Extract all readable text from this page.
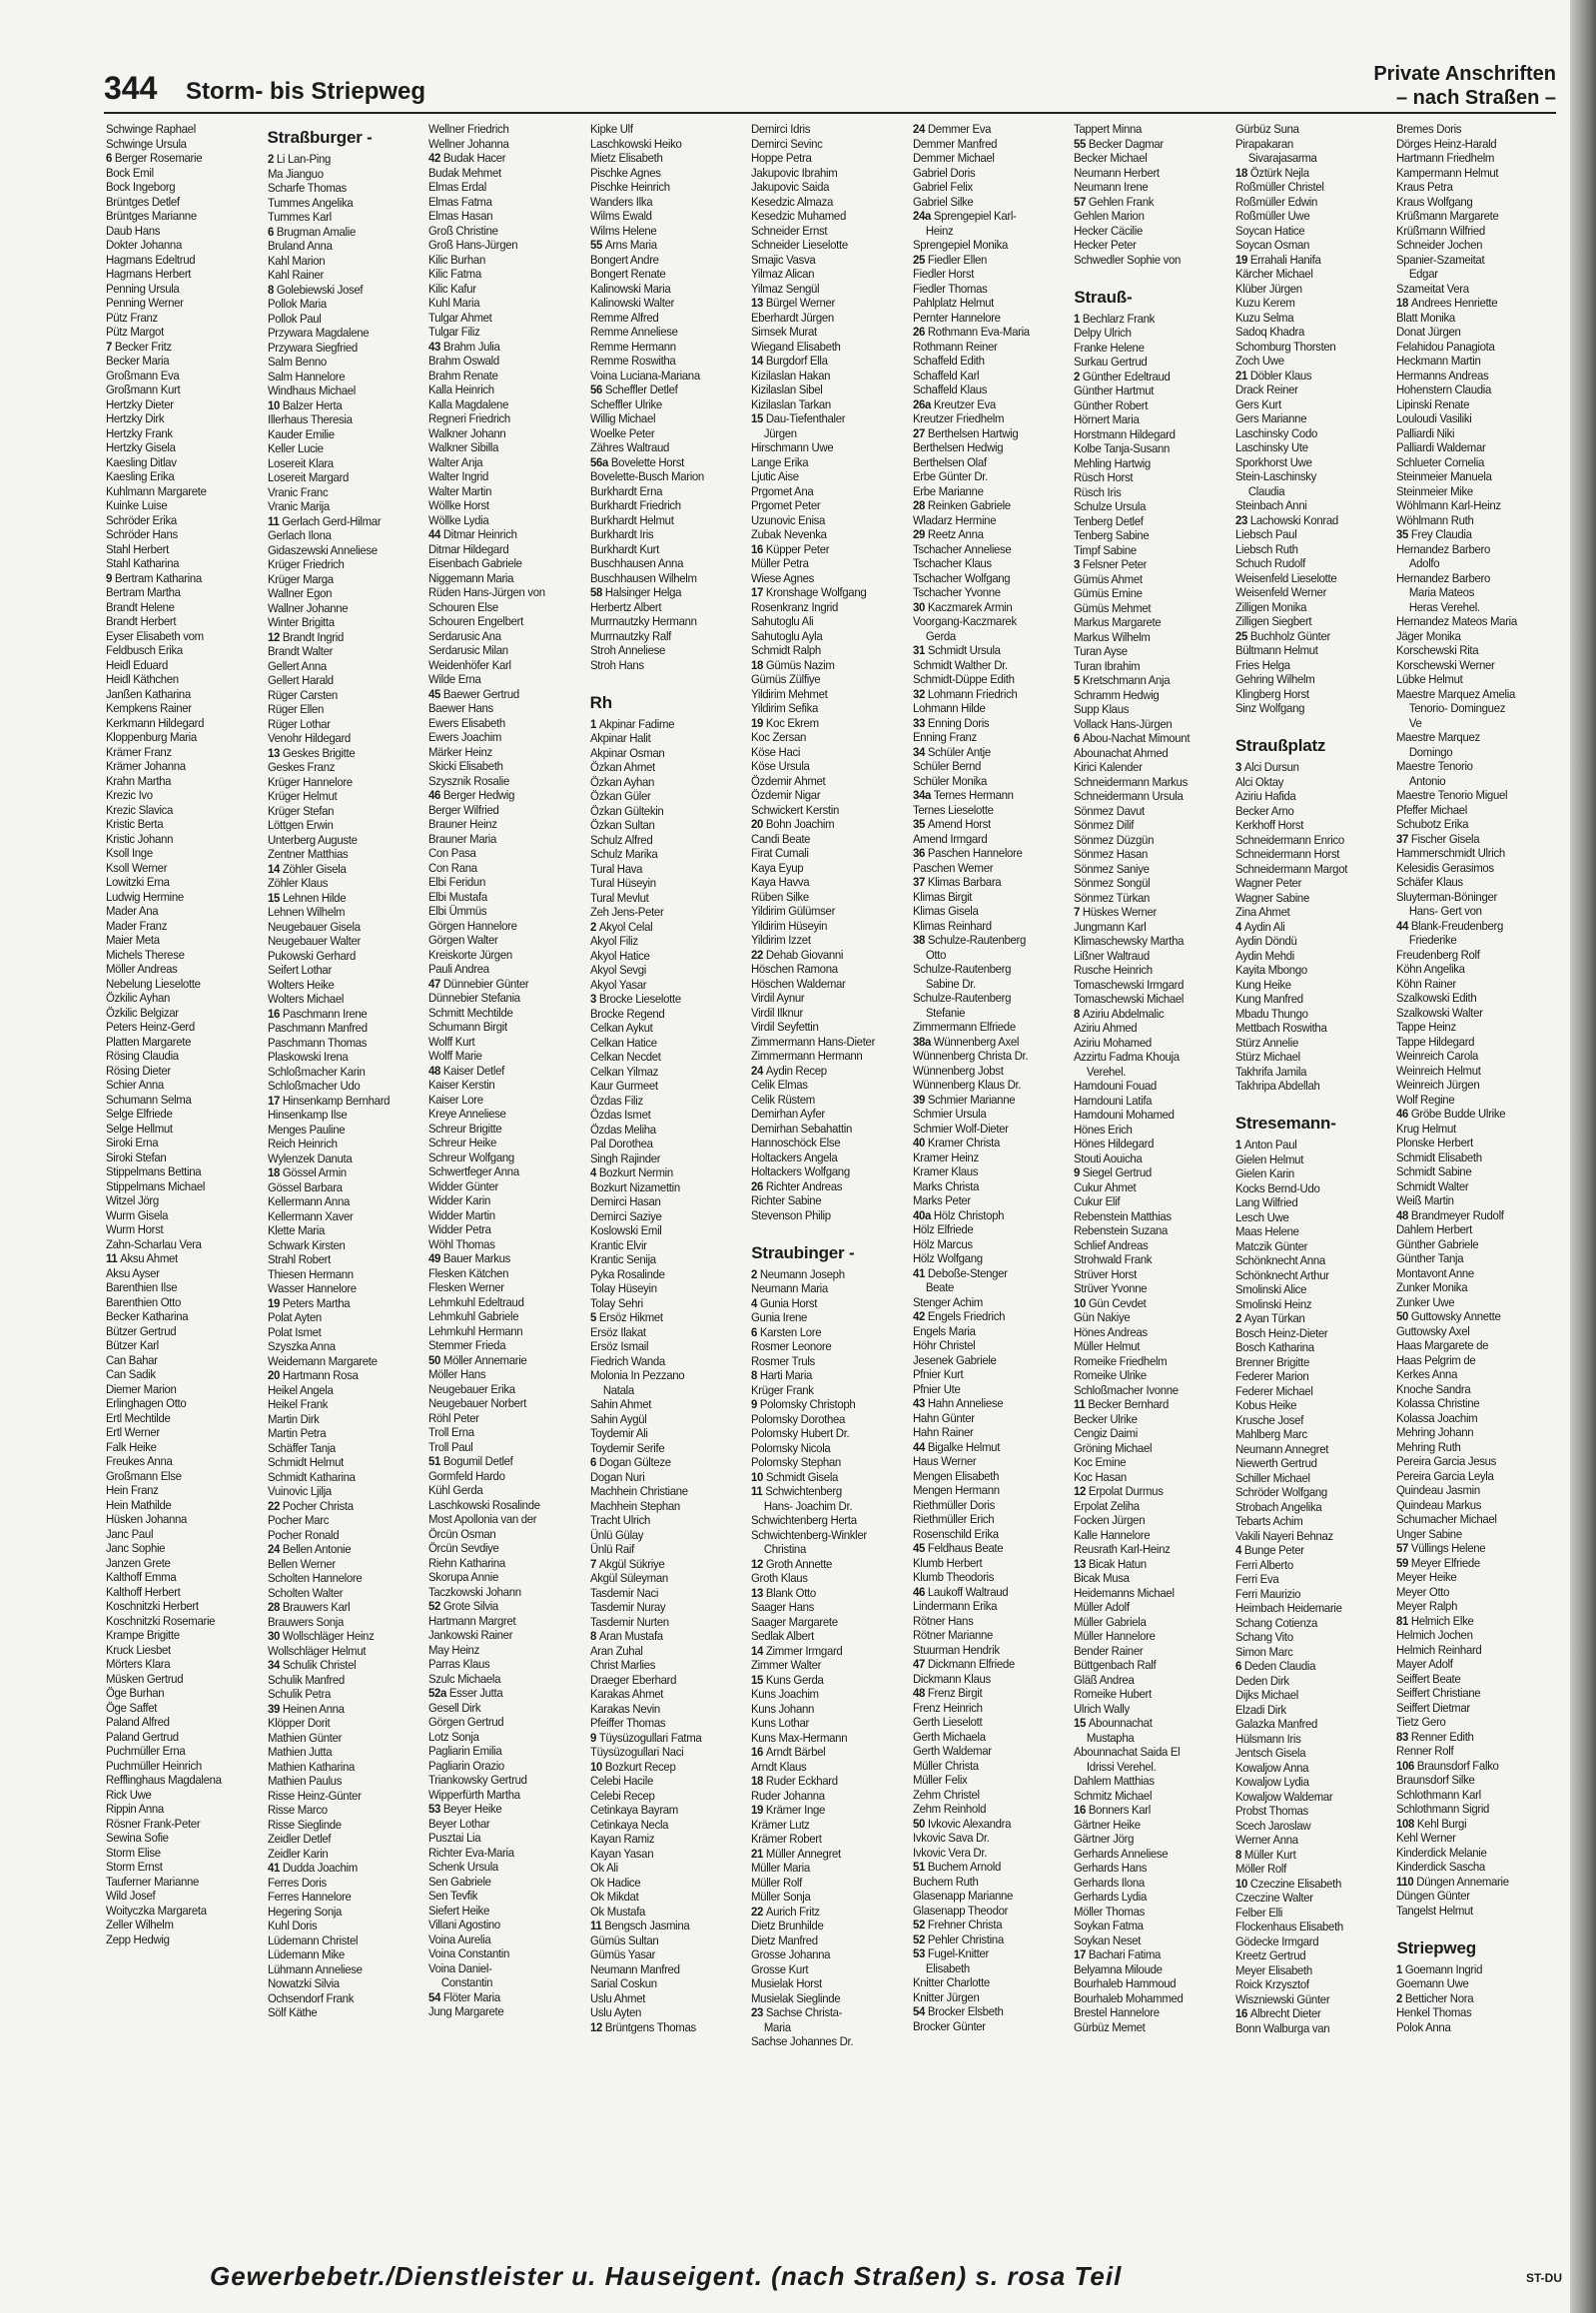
344 Storm- bis Striepweg
Private Anschriften
– nach Straßen –
Schwinge Raphael
Schwinge Ursula
6 Berger Rosemarie
Bock Emil
Bock Ingeborg
Brüntges Detlef
Brüntges Marianne
Daub Hans
Dokter Johanna
Hagmans Edeltrud
Hagmans Herbert
Penning Ursula
Penning Werner
Pütz Franz
Pütz Margot
7 Becker Fritz
Becker Maria
Großmann Eva
Großmann Kurt
Hertzky Dieter
Hertzky Dirk
Hertzky Frank
Hertzky Gisela
Kaesling Ditlav
Kaesling Erika
Kuhlmann Margarete
Kuinke Luise
Schröder Erika
Schröder Hans
Stahl Herbert
Stahl Katharina
9 Bertram Katharina
Bertram Martha
Brandt Helene
Brandt Herbert
Eyser Elisabeth vom
Feldbusch Erika
Heidl Eduard
Heidl Käthchen
Janßen Katharina
Kempkens Rainer
Kerkmann Hildegard
Kloppenburg Maria
Krämer Franz
Krämer Johanna
Krahn Martha
Krezic Ivo
Krezic Slavica
Kristic Berta
Kristic Johann
Ksoll Inge
Ksoll Werner
Lowitzki Erna
Ludwig Hermine
Mader Ana
Mader Franz
Maier Meta
Michels Therese
Möller Andreas
Nebelung Lieselotte
Özkilic Ayhan
Özkilic Belgizar
Peters Heinz-Gerd
Platten Margarete
Rösing Claudia
Rösing Dieter
Schier Anna
Schumann Selma
Selge Elfriede
Selge Hellmut
Siroki Erna
Siroki Stefan
Stippelmans Bettina
Stippelmans Michael
Witzel Jörg
Wurm Gisela
Wurm Horst
Zahn-Scharlau Vera
11 Aksu Ahmet
Aksu Ayser
Barenthien Ilse
Barenthien Otto
Becker Katharina
Bützer Gertrud
Bützer Karl
Can Bahar
Can Sadik
Diemer Marion
Erlinghagen Otto
Ertl Mechtilde
Ertl Werner
Falk Heike
Freukes Anna
Großmann Else
Hein Franz
Hein Mathilde
Hüsken Johanna
Janc Paul
Janc Sophie
Janzen Grete
Kalthoff Emma
Kalthoff Herbert
Koschnitzki Herbert
Koschnitzki Rosemarie
Krampe Brigitte
Kruck Liesbet
Mörters Klara
Müsken Gertrud
Öge Burhan
Öge Saffet
Paland Alfred
Paland Gertrud
Puchmüller Erna
Puchmüller Heinrich
Refflinghaus Magdalena
Rick Uwe
Rippin Anna
Rösner Frank-Peter
Sewina Sofie
Storm Elise
Storm Ernst
Tauferner Marianne
Wild Josef
Woityczka Margareta
Zeller Wilhelm
Zepp Hedwig
Straßburger -
2 Li Lan-Ping
Ma Jianguo
Scharfe Thomas
Tummes Angelika
Tummes Karl
6 Brugman Amalie
Bruland Anna
Kahl Marion
Kahl Rainer
8 Golebiewski Josef
Pollok Maria
Pollok Paul
Przywara Magdalene
Przywara Siegfried
Salm Benno
Salm Hannelore
Windhaus Michael
10 Balzer Herta
Illerhaus Theresia
Kauder Emilie
Keller Lucie
Losereit Klara
Losereit Margard
Vranic Franc
Vranic Marija
11 Gerlach Gerd-Hilmar
Gerlach Ilona
Gidaszewski Anneliese
Krüger Friedrich
Krüger Marga
Wallner Egon
Wallner Johanne
Winter Brigitta
12 Brandt Ingrid
Brandt Walter
Gellert Anna
Gellert Harald
Rüger Carsten
Rüger Ellen
Rüger Lothar
Venohr Hildegard
13 Geskes Brigitte
Geskes Franz
Krüger Hannelore
Krüger Helmut
Krüger Stefan
Löttgen Erwin
Unterberg Auguste
Zentner Matthias
14 Zöhler Gisela
Zöhler Klaus
15 Lehnen Hilde
Lehnen Wilhelm
Neugebauer Gisela
Neugebauer Walter
Pukowski Gerhard
Seifert Lothar
Wolters Heike
Wolters Michael
16 Paschmann Irene
Paschmann Manfred
Paschmann Thomas
Plaskowski Irena
Schloßmacher Karin
Schloßmacher Udo
17 Hinsenkamp Bernhard
Hinsenkamp Ilse
Menges Pauline
Reich Heinrich
Wylenzek Danuta
18 Gössel Armin
Gössel Barbara
Kellermann Anna
Kellermann Xaver
Klette Maria
Schwark Kirsten
Strahl Robert
Thiesen Hermann
Wasser Hannelore
19 Peters Martha
Polat Ayten
Polat Ismet
Szyszka Anna
Weidemann Margarete
20 Hartmann Rosa
Heikel Angela
Heikel Frank
Martin Dirk
Martin Petra
Schäffer Tanja
Schmidt Helmut
Schmidt Katharina
Vuinovic Ljilja
22 Pocher Christa
Pocher Marc
Pocher Ronald
24 Bellen Antonie
Bellen Werner
Scholten Hannelore
Scholten Walter
28 Brauwers Karl
Brauwers Sonja
30 Wollschläger Heinz
Wollschläger Helmut
34 Schulik Christel
Schulik Manfred
Schulik Petra
39 Heinen Anna
Klöpper Dorit
Mathien Günter
Mathien Jutta
Mathien Katharina
Mathien Paulus
Risse Heinz-Günter
Risse Marco
Risse Sieglinde
Zeidler Detlef
Zeidler Karin
41 Dudda Joachim
Ferres Doris
Ferres Hannelore
Hegering Sonja
Kuhl Doris
Lüdemann Christel
Lüdemann Mike
Lühmann Anneliese
Nowatzki Silvia
Ochsendorf Frank
Sölf Käthe
Wellner Friedrich
Wellner Johanna
42 Budak Hacer
Budak Mehmet
Elmas Erdal
Elmas Fatma
Elmas Hasan
Groß Christine
Groß Hans-Jürgen
Kilic Burhan
Kilic Fatma
Kilic Kafur
Kuhl Maria
Tulgar Ahmet
Tulgar Filiz
43 Brahm Julia
Brahm Oswald
Brahm Renate
Kalla Heinrich
Kalla Magdalene
Regneri Friedrich
Walkner Johann
Walkner Sibilla
Walter Anja
Walter Ingrid
Walter Martin
Wöllke Horst
Wöllke Lydia
44 Ditmar Heinrich
Ditmar Hildegard
Eisenbach Gabriele
Niggemann Maria
Rüden Hans-Jürgen von
Schouren Else
Schouren Engelbert
Serdarusic Ana
Serdarusic Milan
Weidenhöfer Karl
Wilde Erna
45 Baewer Gertrud
Baewer Hans
Ewers Elisabeth
Ewers Joachim
Märker Heinz
Skicki Elisabeth
Szysznik Rosalie
46 Berger Hedwig
Berger Wilfried
Brauner Heinz
Brauner Maria
Con Pasa
Con Rana
Elbi Feridun
Elbi Mustafa
Elbi Ümmüs
Görgen Hannelore
Görgen Walter
Kreiskorte Jürgen
Pauli Andrea
47 Dünnebier Günter
Dünnebier Stefania
Schmitt Mechtilde
Schumann Birgit
Wolff Kurt
Wolff Marie
48 Kaiser Detlef
Kaiser Kerstin
Kaiser Lore
Kreye Anneliese
Schreur Brigitte
Schreur Heike
Schreur Wolfgang
Schwertfeger Anna
Widder Günter
Widder Karin
Widder Martin
Widder Petra
Wöhl Thomas
49 Bauer Markus
Flesken Kätchen
Flesken Werner
Lehmkuhl Edeltraud
Lehmkuhl Gabriele
Lehmkuhl Hermann
Stemmer Frieda
50 Möller Annemarie
Möller Hans
Neugebauer Erika
Neugebauer Norbert
Röhl Peter
Troll Erna
Troll Paul
51 Bogumil Detlef
Gormfeld Hardo
Kühl Gerda
Laschkowski Rosalinde
Most Apollonia van der
Örcün Osman
Örcün Sevdiye
Riehn Katharina
Skorupa Annie
Taczkowski Johann
52 Grote Silvia
Hartmann Margret
Jankowski Rainer
May Heinz
Parras Klaus
Szulc Michaela
52a Esser Jutta
Gesell Dirk
Görgen Gertrud
Lotz Sonja
Pagliarin Emilia
Pagliarin Orazio
Triankowsky Gertrud
Wipperfürth Martha
53 Beyer Heike
Beyer Lothar
Pusztai Lia
Richter Eva-Maria
Schenk Ursula
Sen Gabriele
Sen Tevfik
Siefert Heike
Villani Agostino
Voina Aurelia
Voina Constantin
Voina Daniel-
Constantin
54 Flöter Maria
Jung Margarete
Kipke Ulf
Laschkowski Heiko
Mietz Elisabeth
Pischke Agnes
Pischke Heinrich
Wanders Ilka
Wilms Ewald
Wilms Helene
55 Arns Maria
Bongert Andre
Bongert Renate
Kalinowski Maria
Kalinowski Walter
Remme Alfred
Remme Anneliese
Remme Hermann
Remme Roswitha
Voina Luciana-Mariana
56 Scheffler Detlef
Scheffler Ulrike
Willig Michael
Woelke Peter
Zähres Waltraud
56a Bovelette Horst
Bovelette-Busch Marion
Burkhardt Erna
Burkhardt Friedrich
Burkhardt Helmut
Burkhardt Iris
Burkhardt Kurt
Buschhausen Anna
Buschhausen Wilhelm
58 Halsinger Helga
Herbertz Albert
Murrnautzky Hermann
Murrnautzky Ralf
Stroh Anneliese
Stroh Hans

Rh
1 Akpinar Fadime
Akpinar Halit
Akpinar Osman
Özkan Ahmet
Özkan Ayhan
Özkan Güler
Özkan Gültekin
Özkan Sultan
Schulz Alfred
Schulz Marika
Tural Hava
Tural Hüseyin
Tural Mevlut
Zeh Jens-Peter
2 Akyol Celal
Akyol Filiz
Akyol Hatice
Akyol Sevgi
Akyol Yasar
3 Brocke Lieselotte
Brocke Regend
Celkan Aykut
Celkan Hatice
Celkan Necdet
Celkan Yilmaz
Kaur Gurmeet
Özdas Filiz
Özdas Ismet
Özdas Meliha
Pal Dorothea
Singh Rajinder
4 Bozkurt Nermin
Bozkurt Nizamettin
Demirci Hasan
Demirci Saziye
Koslowski Emil
Krantic Elvir
Krantic Senija
Pyka Rosalinde
Tolay Hüseyin
Tolay Sehri
5 Ersöz Hikmet
Ersöz Ilakat
Ersöz Ismail
Fiedrich Wanda
Molonia In Pezzano
Natala
Sahin Ahmet
Sahin Aygül
Toydemir Ali
Toydemir Serife
6 Dogan Gülteze
Dogan Nuri
Machhein Christiane
Machhein Stephan
Tracht Ulrich
Ünlü Gülay
Ünlü Raif
7 Akgül Sükriye
Akgül Süleyman
Tasdemir Naci
Tasdemir Nuray
Tasdemir Nurten
8 Aran Mustafa
Aran Zuhal
Christ Marlies
Draeger Eberhard
Karakas Ahmet
Karakas Nevin
Pfeiffer Thomas
9 Tüysüzogullari Fatma
Tüysüzogullari Naci
10 Bozkurt Recep
Celebi Hacile
Celebi Recep
Cetinkaya Bayram
Cetinkaya Necla
Kayan Ramiz
Kayan Yasan
Ok Ali
Ok Hadice
Ok Mikdat
Ok Mustafa
11 Bengsch Jasmina
Gümüs Sultan
Gümüs Yasar
Neumann Manfred
Sarial Coskun
Uslu Ahmet
Uslu Ayten
12 Brüntgens Thomas
Demirci Idris
Demirci Sevinc
Hoppe Petra
Jakupovic Ibrahim
Jakupovic Saida
Kesedzic Almaza
Kesedzic Muhamed
Schneider Ernst
Schneider Lieselotte
Smajic Vasva
Yilmaz Alican
Yilmaz Sengül
13 Bürgel Werner
Eberhardt Jürgen
Simsek Murat
Wiegand Elisabeth
14 Burgdorf Ella
Kizilaslan Hakan
Kizilaslan Sibel
Kizilaslan Tarkan
15 Dau-Tiefenthaler
Jürgen
Hirschmann Uwe
Lange Erika
Ljutic Aise
Prgomet Ana
Prgomet Peter
Uzunovic Enisa
Zubak Nevenka
16 Küpper Peter
Müller Petra
Wiese Agnes
17 Kronshage Wolfgang
Rosenkranz Ingrid
Sahutoglu Ali
Sahutoglu Ayla
Schmidt Ralph
18 Gümüs Nazim
Gümüs Zülfiye
Yildirim Mehmet
Yildirim Sefika
19 Koc Ekrem
Koc Zersan
Köse Haci
Köse Ursula
Özdemir Ahmet
Özdemir Nigar
Schwickert Kerstin
20 Bohn Joachim
Candi Beate
Firat Cumali
Kaya Eyup
Kaya Havva
Rüben Silke
Yildirim Gülümser
Yildirim Hüseyin
Yildirim Izzet
22 Dehab Giovanni
Höschen Ramona
Höschen Waldemar
Virdil Aynur
Virdil Ilknur
Virdil Seyfettin
Zimmermann Hans-Dieter
Zimmermann Hermann
24 Aydin Recep
Celik Elmas
Celik Rüstem
Demirhan Ayfer
Demirhan Sebahattin
Hannoschöck Else
Holtackers Angela
Holtackers Wolfgang
26 Richter Andreas
Richter Sabine
Stevenson Philip

Straubinger -
2 Neumann Joseph
Neumann Maria
4 Gunia Horst
Gunia Irene
6 Karsten Lore
Rosmer Leonore
Rosmer Truls
8 Harti Maria
Krüger Frank
9 Polomsky Christoph
Polomsky Dorothea
Polomsky Hubert Dr.
Polomsky Nicola
Polomsky Stephan
10 Schmidt Gisela
11 Schwichtenberg
Hans- Joachim Dr.
Schwichtenberg Herta
Schwichtenberg-Winkler
Christina
12 Groth Annette
Groth Klaus
13 Blank Otto
Saager Hans
Saager Margarete
Sedlak Albert
14 Zimmer Irmgard
Zimmer Walter
15 Kuns Gerda
Kuns Joachim
Kuns Johann
Kuns Lothar
Kuns Max-Hermann
16 Arndt Bärbel
Arndt Klaus
18 Ruder Eckhard
Ruder Johanna
19 Krämer Inge
Krämer Lutz
Krämer Robert
21 Müller Annegret
Müller Maria
Müller Rolf
Müller Sonja
22 Aurich Fritz
Dietz Brunhilde
Dietz Manfred
Grosse Johanna
Grosse Kurt
Musielak Horst
Musielak Sieglinde
23 Sachse Christa-
Maria
Sachse Johannes Dr.
24 Demmer Eva
Demmer Manfred
Demmer Michael
Gabriel Doris
Gabriel Felix
Gabriel Silke
24a Sprengepiel Karl-
Heinz
Sprengepiel Monika
25 Fiedler Ellen
Fiedler Horst
Fiedler Thomas
Pahlplatz Helmut
Pernter Hannelore
26 Rothmann Eva-Maria
Rothmann Reiner
Schaffeld Edith
Schaffeld Karl
Schaffeld Klaus
26a Kreutzer Eva
Kreutzer Friedhelm
27 Berthelsen Hartwig
Berthelsen Hedwig
Berthelsen Olaf
Erbe Günter Dr.
Erbe Marianne
28 Reinken Gabriele
Wladarz Hermine
29 Reetz Anna
Tschacher Anneliese
Tschacher Klaus
Tschacher Wolfgang
Tschacher Yvonne
30 Kaczmarek Armin
Voorgang-Kaczmarek
Gerda
31 Schmidt Ursula
Schmidt Walther Dr.
Schmidt-Düppe Edith
32 Lohmann Friedrich
Lohmann Hilde
33 Enning Doris
Enning Franz
34 Schüler Antje
Schüler Bernd
Schüler Monika
34a Ternes Hermann
Ternes Lieselotte
35 Amend Horst
Amend Irmgard
36 Paschen Hannelore
Paschen Werner
37 Klimas Barbara
Klimas Birgit
Klimas Gisela
Klimas Reinhard
38 Schulze-Rautenberg
Otto
Schulze-Rautenberg
Sabine Dr.
Schulze-Rautenberg
Stefanie
Zimmermann Elfriede
38a Wünnenberg Axel
Wünnenberg Christa Dr.
Wünnenberg Jobst
Wünnenberg Klaus Dr.
39 Schmier Marianne
Schmier Ursula
Schmier Wolf-Dieter
40 Kramer Christa
Kramer Heinz
Kramer Klaus
Marks Christa
Marks Peter
40a Hölz Christoph
Hölz Elfriede
Hölz Marcus
Hölz Wolfgang
41 Deboße-Stenger
Beate
Stenger Achim
42 Engels Friedrich
Engels Maria
Höhr Christel
Jesenek Gabriele
Pfnier Kurt
Pfnier Ute
43 Hahn Anneliese
Hahn Günter
Hahn Rainer
44 Bigalke Helmut
Haus Werner
Mengen Elisabeth
Mengen Hermann
Riethmüller Doris
Riethmüller Erich
Rosenschild Erika
45 Feldhaus Beate
Klumb Herbert
Klumb Theodoris
46 Laukoff Waltraud
Lindermann Erika
Rötner Hans
Rötner Marianne
Stuurman Hendrik
47 Dickmann Elfriede
Dickmann Klaus
48 Frenz Birgit
Frenz Heinrich
Gerth Lieselott
Gerth Michaela
Gerth Waldemar
Müller Christa
Müller Felix
Zehm Christel
Zehm Reinhold
50 Ivkovic Alexandra
Ivkovic Sava Dr.
Ivkovic Vera Dr.
51 Buchem Arnold
Buchem Ruth
Glasenapp Marianne
Glasenapp Theodor
52 Frehner Christa
52 Pehler Christina
53 Fugel-Knitter
Elisabeth
Knitter Charlotte
Knitter Jürgen
54 Brocker Elsbeth
Brocker Günter
Tappert Minna
55 Becker Dagmar
Becker Michael
Neumann Herbert
Neumann Irene
57 Gehlen Frank
Gehlen Marion
Hecker Cäcilie
Hecker Peter
Schwedler Sophie von

Strauß-
1 Bechlarz Frank
Delpy Ulrich
Franke Helene
Surkau Gertrud
2 Günther Edeltraud
Günther Hartmut
Günther Robert
Hörnert Maria
Horstmann Hildegard
Kolbe Tanja-Susann
Mehling Hartwig
Rüsch Horst
Rüsch Iris
Schulze Ursula
Tenberg Detlef
Tenberg Sabine
Timpf Sabine
3 Felsner Peter
Gümüs Ahmet
Gümüs Emine
Gümüs Mehmet
Markus Margarete
Markus Wilhelm
Turan Ayse
Turan Ibrahim
5 Kretschmann Anja
Schramm Hedwig
Supp Klaus
Vollack Hans-Jürgen
6 Abou-Nachat Mimount
Abounachat Ahmed
Kirici Kalender
Schneidermann Markus
Schneidermann Ursula
Sönmez Davut
Sönmez Dilif
Sönmez Düzgün
Sönmez Hasan
Sönmez Saniye
Sönmez Songül
Sönmez Türkan
7 Hüskes Werner
Jungmann Karl
Klimaschewsky Martha
Lißner Waltraud
Rusche Heinrich
Tomaschewski Irmgard
Tomaschewski Michael
8 Aziriu Abdelmalic
Aziriu Ahmed
Aziriu Mohamed
Azzirtu Fadma Khouja
Verehel.
Hamdouni Fouad
Hamdouni Latifa
Hamdouni Mohamed
Hönes Erich
Hönes Hildegard
Stouti Aouicha
9 Siegel Gertrud
Cukur Ahmet
Cukur Elif
Rebenstein Matthias
Rebenstein Suzana
Schlief Andreas
Strohwald Frank
Strüver Horst
Strüver Yvonne
10 Gün Cevdet
Gün Nakiye
Hönes Andreas
Müller Helmut
Romeike Friedhelm
Romeike Ulrike
Schloßmacher Ivonne
11 Becker Bernhard
Becker Ulrike
Cengiz Daimi
Gröning Michael
Koc Emine
Koc Hasan
12 Erpolat Durmus
Erpolat Zeliha
Focken Jürgen
Kalle Hannelore
Reusrath Karl-Heinz
13 Bicak Hatun
Bicak Musa
Heidemanns Michael
Müller Adolf
Müller Gabriela
Müller Hannelore
Bender Rainer
Büttgenbach Ralf
Gläß Andrea
Romeike Hubert
Ulrich Wally
15 Abounnachat
Mustapha
Abounnachat Saida El
Idrissi Verehel.
Dahlem Matthias
Schmitz Michael
16 Bonners Karl
Gärtner Heike
Gärtner Jörg
Gerhards Anneliese
Gerhards Hans
Gerhards Ilona
Gerhards Lydia
Möller Thomas
Soykan Fatma
Soykan Neset
17 Bachari Fatima
Belyamna Miloude
Bourhaleb Hammoud
Bourhaleb Mohammed
Brestel Hannelore
Gürbüz Memet
Gürbüz Suna
Pirapakaran
Sivarajasarma
18 Öztürk Nejla
Roßmüller Christel
Roßmüller Edwin
Roßmüller Uwe
Soycan Hatice
Soycan Osman
19 Errahali Hanifa
Kärcher Michael
Klüber Jürgen
Kuzu Kerem
Kuzu Selma
Sadoq Khadra
Schomburg Thorsten
Zoch Uwe
21 Döbler Klaus
Drack Reiner
Gers Kurt
Gers Marianne
Laschinsky Codo
Laschinsky Ute
Sporkhorst Uwe
Stein-Laschinsky
Claudia
Steinbach Anni
23 Lachowski Konrad
Liebsch Paul
Liebsch Ruth
Schuch Rudolf
Weisenfeld Lieselotte
Weisenfeld Werner
Zilligen Monika
Zilligen Siegbert
25 Buchholz Günter
Bültmann Helmut
Fries Helga
Gehring Wilhelm
Klingberg Horst
Sinz Wolfgang

Straußplatz
3 Alci Dursun
Alci Oktay
Aziriu Hafida
Becker Arno
Kerkhoff Horst
Schneidermann Enrico
Schneidermann Horst
Schneidermann Margot
Wagner Peter
Wagner Sabine
Zina Ahmet
4 Aydin Ali
Aydin Döndü
Aydin Mehdi
Kayita Mbongo
Kung Heike
Kung Manfred
Mbadu Thungo
Mettbach Roswitha
Stürz Annelie
Stürz Michael
Takhrifa Jamila
Takhripa Abdellah

Stresemann-
1 Anton Paul
Gielen Helmut
Gielen Karin
Kocks Bernd-Udo
Lang Wilfried
Lesch Uwe
Maas Helene
Matczik Günter
Schönknecht Anna
Schönknecht Arthur
Smolinski Alice
Smolinski Heinz
2 Ayan Türkan
Bosch Heinz-Dieter
Bosch Katharina
Brenner Brigitte
Federer Marion
Federer Michael
Kobus Heike
Krusche Josef
Mahlberg Marc
Neumann Annegret
Niewerth Gertrud
Schiller Michael
Schröder Wolfgang
Strobach Angelika
Tebarts Achim
Vakili Nayeri Behnaz
4 Bunge Peter
Ferri Alberto
Ferri Eva
Ferri Maurizio
Heimbach Heidemarie
Schang Cotienza
Schang Vito
Simon Marc
6 Deden Claudia
Deden Dirk
Dijks Michael
Elzadi Dirk
Galazka Manfred
Hülsmann Iris
Jentsch Gisela
Kowaljow Anna
Kowaljow Lydia
Kowaljow Waldemar
Probst Thomas
Scech Jaroslaw
Werner Anna
8 Müller Kurt
Möller Rolf
10 Czeczine Elisabeth
Czeczine Walter
Felber Elli
Flockenhaus Elisabeth
Gödecke Irmgard
Kreetz Gertrud
Meyer Elisabeth
Roick Krzysztof
Wiszniewski Günter
16 Albrecht Dieter
Bonn Walburga van
Bremes Doris
Dörges Heinz-Harald
Hartmann Friedhelm
Kampermann Helmut
Kraus Petra
Kraus Wolfgang
Krüßmann Margarete
Krüßmann Wilfried
Schneider Jochen
Spanier-Szameitat
Edgar
Szameitat Vera
18 Andrees Henriette
Blatt Monika
Donat Jürgen
Felahidou Panagiota
Heckmann Martin
Hermanns Andreas
Hohenstern Claudia
Lipinski Renate
Louloudi Vasiliki
Palliardi Niki
Palliardi Waldemar
Schlueter Cornelia
Steinmeier Manuela
Steinmeier Mike
Wöhlmann Karl-Heinz
Wöhlmann Ruth
35 Frey Claudia
Hernandez Barbero
Adolfo
Hernandez Barbero
Maria Mateos
Heras Verehel.
Hernandez Mateos Maria
Jäger Monika
Korschewski Rita
Korschewski Werner
Lübke Helmut
Maestre Marquez Amelia
Tenorio- Dominguez
Ve
Maestre Marquez
Domingo
Maestre Tenorio
Antonio
Maestre Tenorio Miguel
Pfeffer Michael
Schubotz Erika
37 Fischer Gisela
Hammerschmidt Ulrich
Kelesidis Gerasimos
Schäfer Klaus
Sluyterman-Böninger
Hans- Gert von
44 Blank-Freudenberg
Friederike
Freudenberg Rolf
Köhn Angelika
Köhn Rainer
Szalkowski Edith
Szalkowski Walter
Tappe Heinz
Tappe Hildegard
Weinreich Carola
Weinreich Helmut
Weinreich Jürgen
Wolf Regine
46 Gröbe Budde Ulrike
Krug Helmut
Plonske Herbert
Schmidt Elisabeth
Schmidt Sabine
Schmidt Walter
Weiß Martin
48 Brandmeyer Rudolf
Dahlem Herbert
Günther Gabriele
Günther Tanja
Montavont Anne
Zunker Monika
Zunker Uwe
50 Guttowsky Annette
Guttowsky Axel
Haas Margarete de
Haas Pelgrim de
Kerkes Anna
Knoche Sandra
Kolassa Christine
Kolassa Joachim
Mehring Johann
Mehring Ruth
Pereira Garcia Jesus
Pereira Garcia Leyla
Quindeau Jasmin
Quindeau Markus
Schumacher Michael
Unger Sabine
57 Vüllings Helene
59 Meyer Elfriede
Meyer Heike
Meyer Otto
Meyer Ralph
81 Helmich Elke
Helmich Jochen
Helmich Reinhard
Mayer Adolf
Seiffert Beate
Seiffert Christiane
Seiffert Dietmar
Tietz Gero
83 Renner Edith
Renner Rolf
106 Braunsdorf Falko
Braunsdorf Silke
Schlothmann Karl
Schlothmann Sigrid
108 Kehl Burgi
Kehl Werner
Kinderdick Melanie
Kinderdick Sascha
110 Düngen Annemarie
Düngen Günter
Tangelst Helmut

Striepweg
1 Goemann Ingrid
Goemann Uwe
2 Betticher Nora
Henkel Thomas
Polok Anna
Gewerbebetr./Dienstleister u. Hauseigent. (nach Straßen) s. rosa Teil	ST-DU
